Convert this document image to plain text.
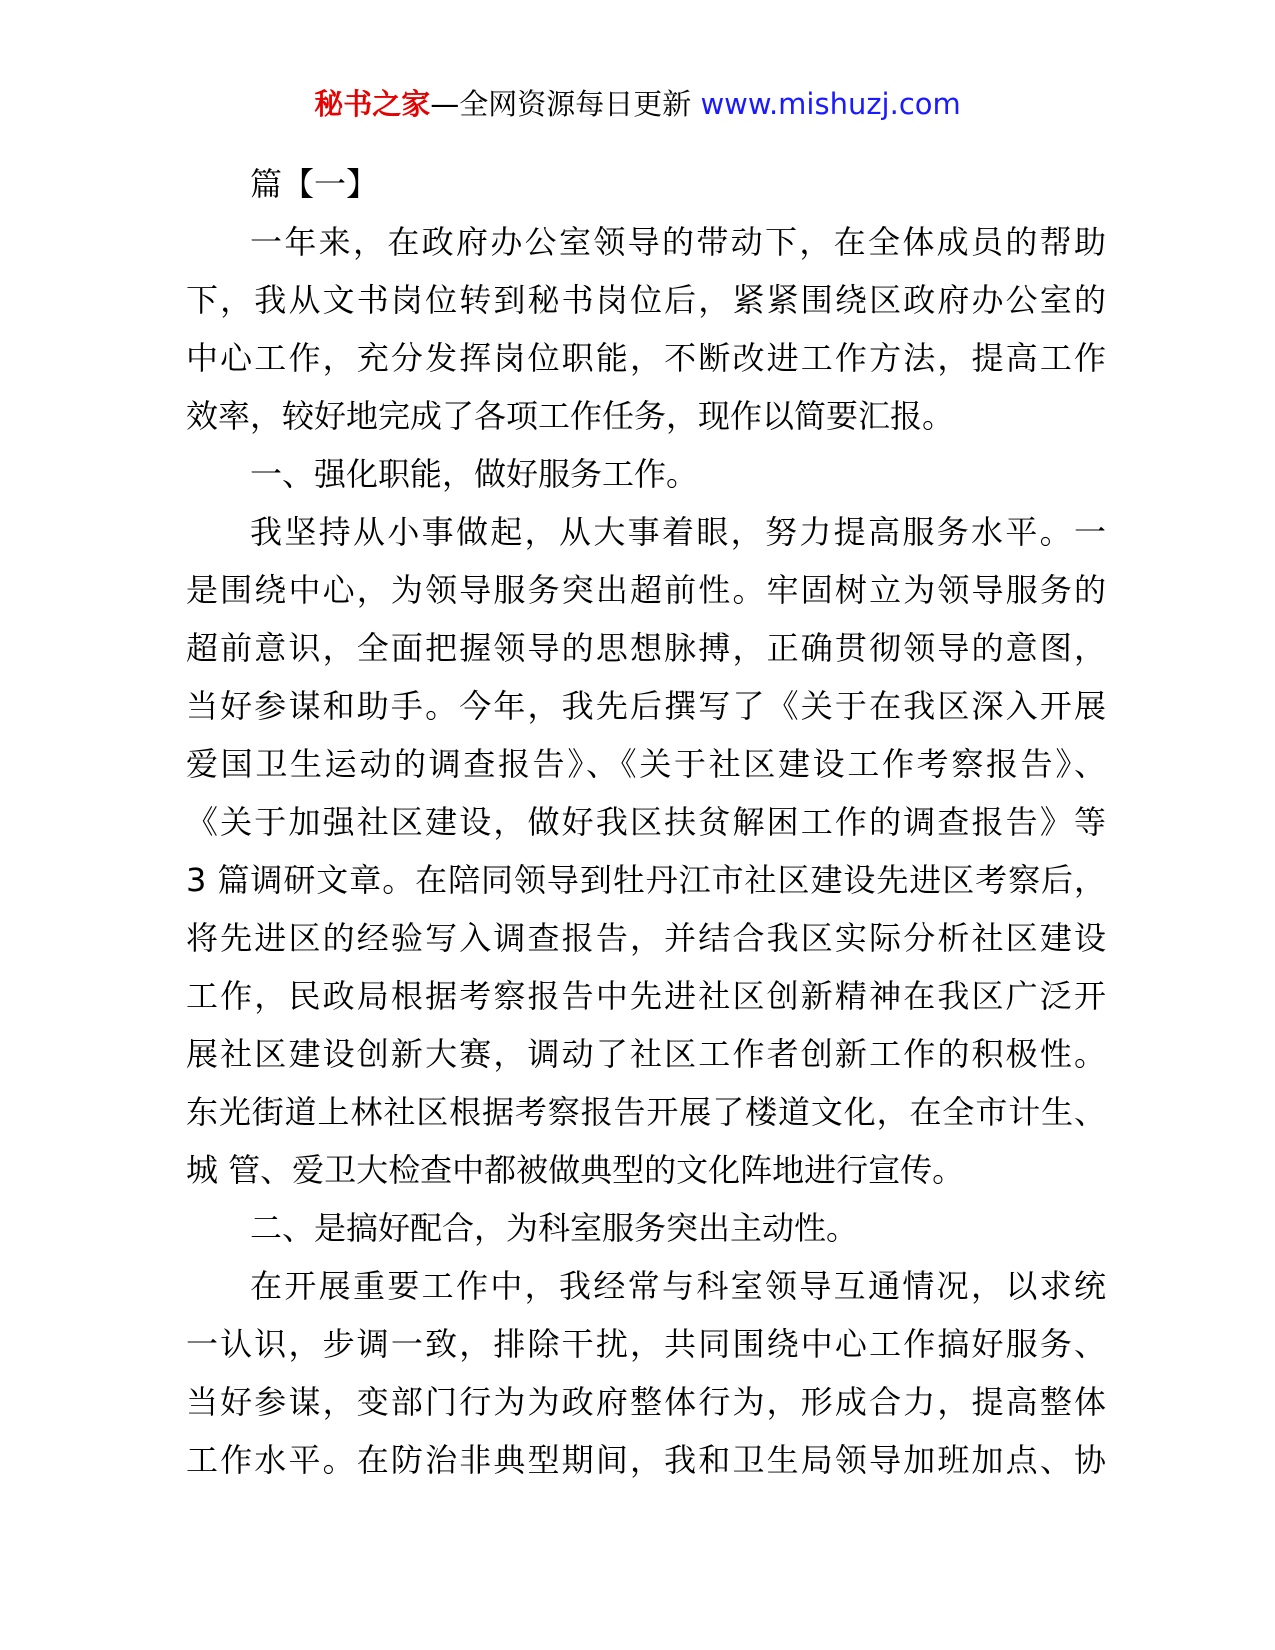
秘书之家—全网资源每日更新 www.mishuzj.com
篇【一】
一年来，在政府办公室领导的带动下，在全体成员的帮助
下，我从文书岗位转到秘书岗位后，紧紧围绕区政府办公室的
中心工作，充分发挥岗位职能，不断改进工作方法，提高工作
效率，较好地完成了各项工作任务，现作以简要汇报。
一、强化职能，做好服务工作。
我坚持从小事做起，从大事着眼，努力提高服务水平。一
是围绕中心，为领导服务突出超前性。牢固树立为领导服务的
超前意识，全面把握领导的思想脉搏，正确贯彻领导的意图，
当好参谋和助手。今年，我先后撰写了《关于在我区深入开展
爱国卫生运动的调查报告》、《关于社区建设工作考察报告》、
《关于加强社区建设，做好我区扶贫解困工作的调查报告》等
3 篇调研文章。在陪同领导到牡丹江市社区建设先进区考察后，
将先进区的经验写入调查报告，并结合我区实际分析社区建设
工作，民政局根据考察报告中先进社区创新精神在我区广泛开
展社区建设创新大赛，调动了社区工作者创新工作的积极性。
东光街道上林社区根据考察报告开展了楼道文化，在全市计生、
城 管、爱卫大检查中都被做典型的文化阵地进行宣传。
二、是搞好配合，为科室服务突出主动性。
在开展重要工作中，我经常与科室领导互通情况，以求统
一认识，步调一致，排除干扰，共同围绕中心工作搞好服务、
当好参谋，变部门行为为政府整体行为，形成合力，提高整体
工作水平。在防治非典型期间，我和卫生局领导加班加点、协
